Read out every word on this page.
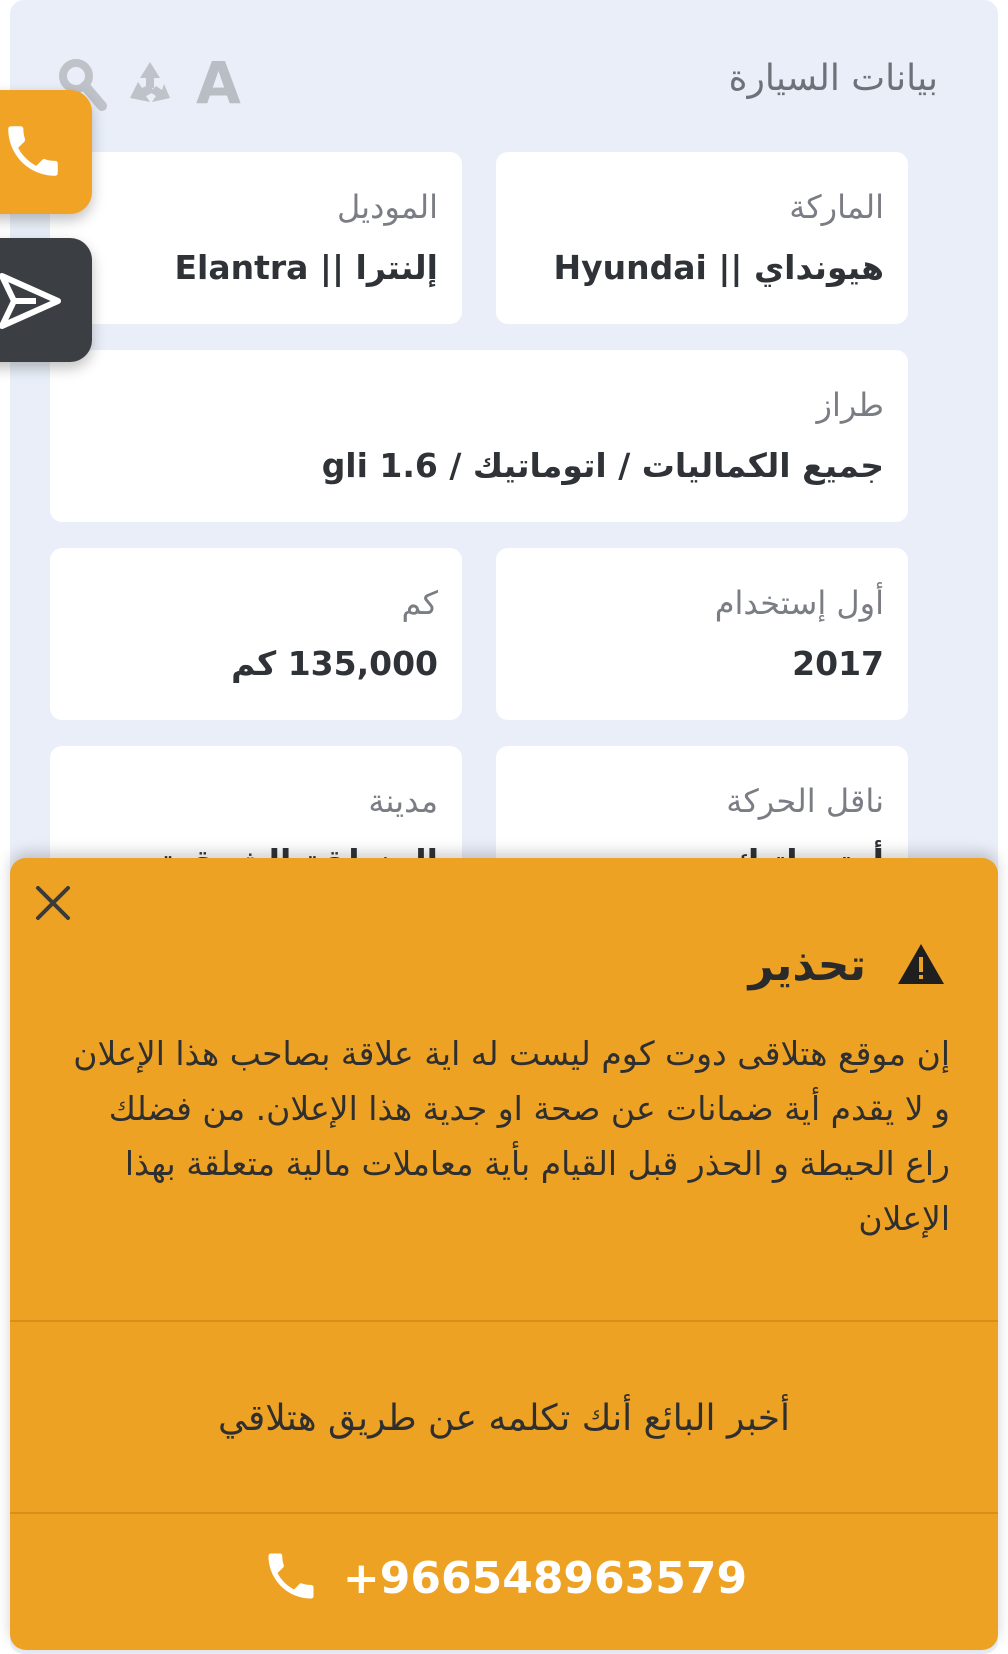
بيانات السيارة
A
الماركة
هيونداي || Hyundai
الموديل
إلنترا || Elantra
طراز
جميع الكماليات / اتوماتيك / gli 1.6
أول إستخدام
2017
كم
135,000 كم
ناقل الحركة
مدينة
تحذير
إن موقع هتلاقى دوت كوم ليست له اية علاقة بصاحب هذا الإعلان و لا يقدم أية ضمانات عن صحة او جدية هذا الإعلان. من فضلك راع الحيطة و الحذر قبل القيام بأية معاملات مالية متعلقة بهذا الإعلان
أخبر البائع أنك تكلمه عن طريق هتلاقي
+966548963579
